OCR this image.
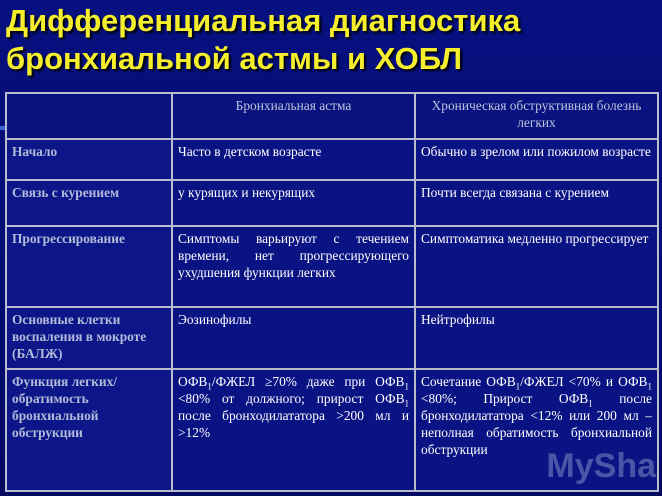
Дифференциальная диагностика
бронхиальной астмы и ХОБЛ
	Бронхиальная астма	Хроническая обструктивная болезнь легких
Начало	Часто в детском возрасте	Обычно в зрелом или пожилом возрасте
Связь с курением	у курящих и некурящих	Почти всегда связана с курением
Прогрессирование	Симптомы варьируют с течением времени, нет прогрессирующего ухудшения функции легких	Симптоматика медленно прогрессирует
Основные клетки воспаления в мокроте (БАЛЖ)	Эозинофилы	Нейтрофилы
Функция легких/обратимость бронхиальной обструкции	$ОФВ_1$/ФЖЕЛ ≥70% даже при $ОФВ_1 <80\%$ от должного; прирост $ОФВ_1$ после бронходилататора >200 мл и >12%	Сочетание $ОФВ_1$/ФЖЕЛ <70% и $ОФВ_1 <80\%$; Прирост $ОФВ_1$ после бронходилататора <12% или 200 мл – неполная обратимость бронхиальной обструкции MySha
